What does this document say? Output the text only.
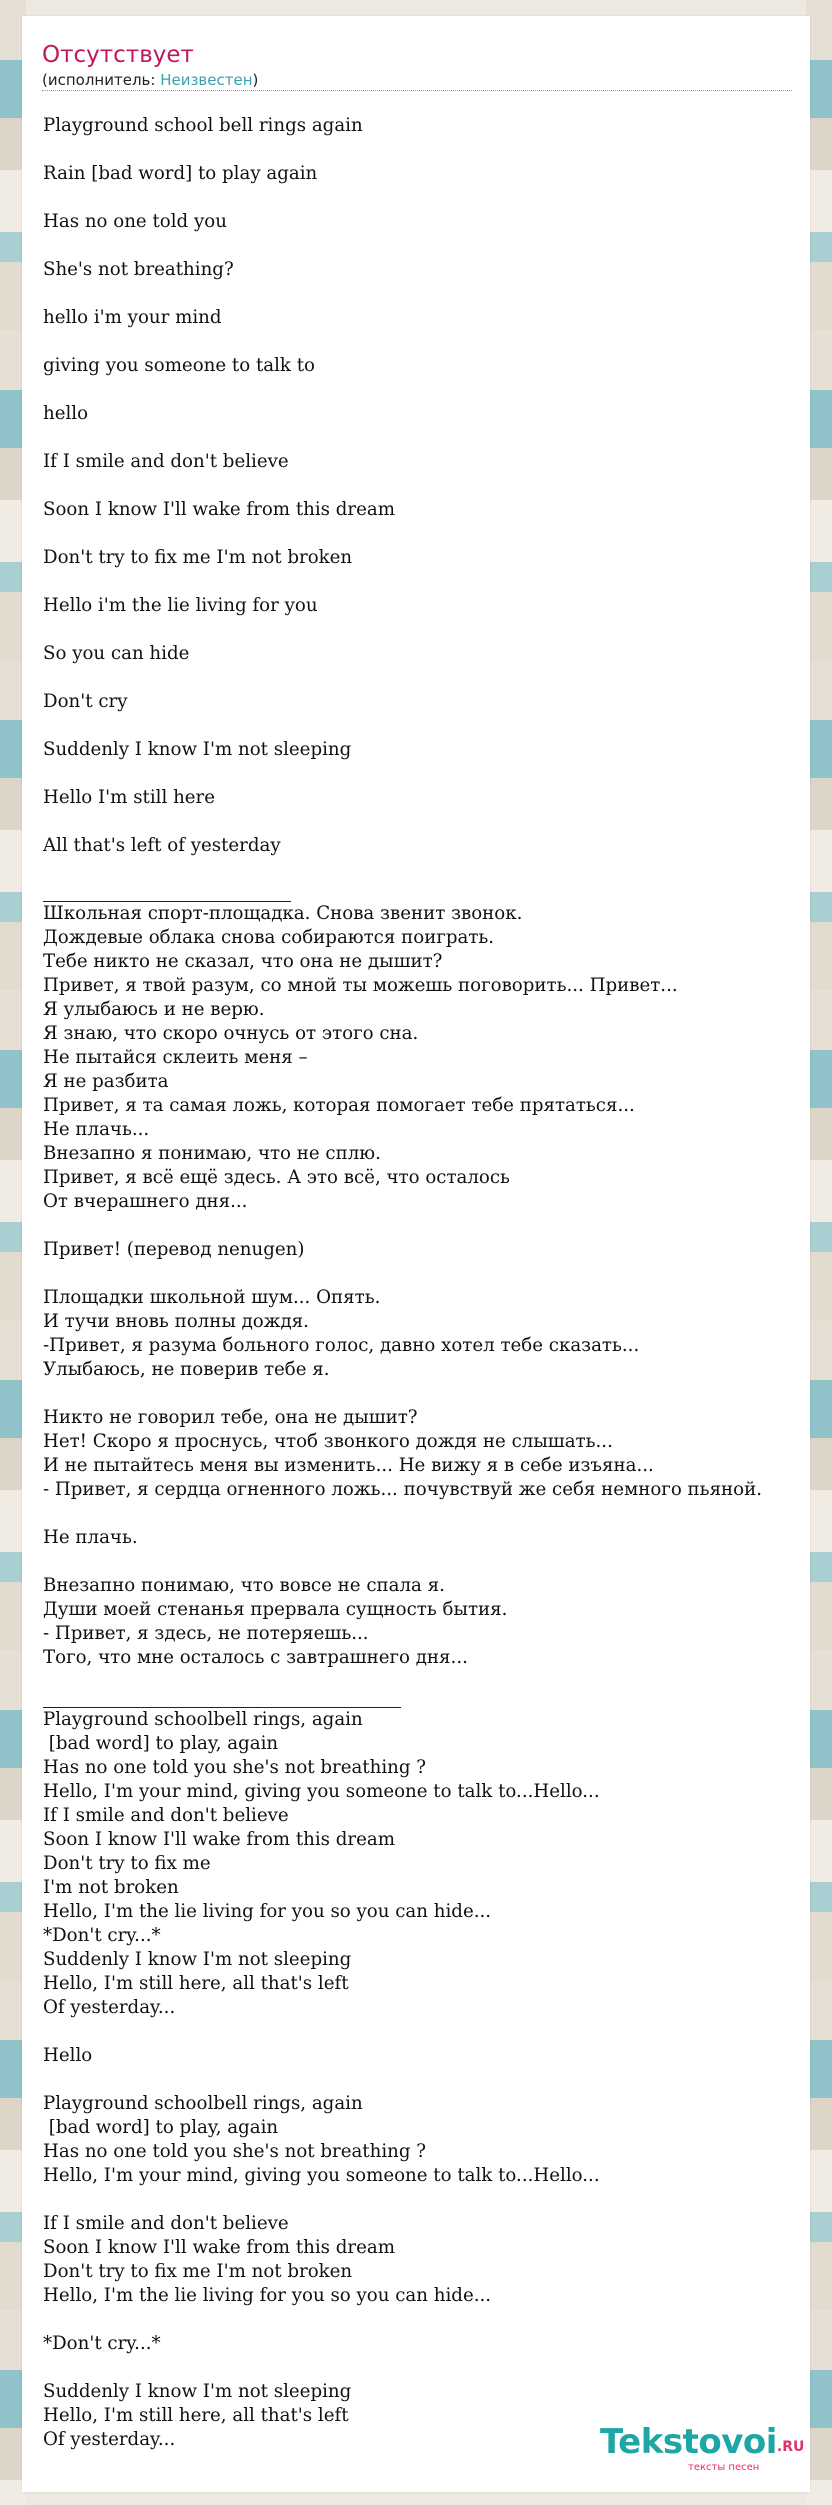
Отсутствует
(исполнитель: Неизвестен)
Playground school bell rings again
Rain [bad word] to play again
Has no one told you
She's not breathing?
hello i'm your mind
giving you someone to talk to
hello
If I smile and don't believe
Soon I know I'll wake from this dream
Don't try to fix me I'm not broken
Hello i'm the lie living for you
So you can hide
Don't cry
Suddenly I know I'm not sleeping
Hello I'm still here
All that's left of yesterday
Школьная спорт-площадка. Снова звенит звонок.
Дождевые облака снова собираются поиграть.
Тебе никто не сказал, что она не дышит?
Привет, я твой разум, со мной ты можешь поговорить... Привет...
Я улыбаюсь и не верю.
Я знаю, что скоро очнусь от этого сна.
Не пытайся склеить меня –
Я не разбита
Привет, я та самая ложь, которая помогает тебе прятаться...
Не плачь...
Внезапно я понимаю, что не сплю.
Привет, я всё ещё здесь. А это всё, что осталось
От вчерашнего дня...

Привет! (перевод nenugen)

Площадки школьной шум... Опять.
И тучи вновь полны дождя.
-Привет, я разума больного голос, давно хотел тебе сказать...
Улыбаюсь, не поверив тебе я.

Никто не говорил тебе, она не дышит?
Нет! Скоро я проснусь, чтоб звонкого дождя не слышать...
И не пытайтесь меня вы изменить... Не вижу я в себе изъяна...
- Привет, я сердца огненного ложь... почувствуй же себя немного пьяной.

Не плачь.

Внезапно понимаю, что вовсе не спала я.
Души моей стенанья прервала сущность бытия.
- Привет, я здесь, не потеряешь...
Того, что мне осталось с завтрашнего дня...
Playground schoolbell rings, again
[bad word] to play, again
Has no one told you she's not breathing ?
Hello, I'm your mind, giving you someone to talk to...Hello...
If I smile and don't believe
Soon I know I'll wake from this dream
Don't try to fix me
I'm not broken
Hello, I'm the lie living for you so you can hide...
*Don't cry...*
Suddenly I know I'm not sleeping
Hello, I'm still here, all that's left
Of yesterday...

Hello

Playground schoolbell rings, again
[bad word] to play, again
Has no one told you she's not breathing ?
Hello, I'm your mind, giving you someone to talk to...Hello...

If I smile and don't believe
Soon I know I'll wake from this dream
Don't try to fix me I'm not broken
Hello, I'm the lie living for you so you can hide...

*Don't cry...*

Suddenly I know I'm not sleeping
Hello, I'm still here, all that's left
Of yesterday...	Tekstovoi.RU
тексты песен
